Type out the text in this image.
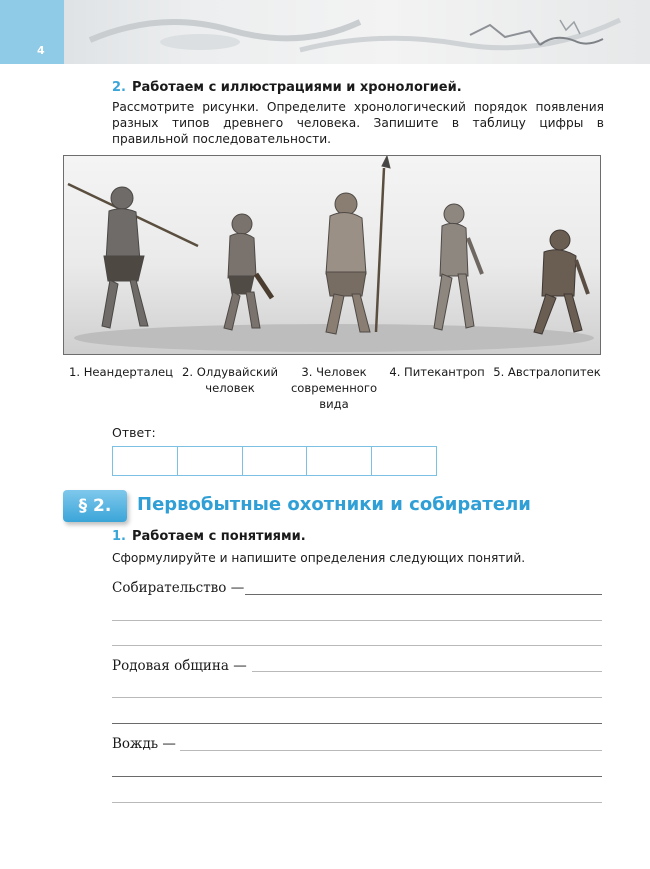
4
2. Работаем с иллюстрациями и хронологией.
Рассмотрите рисунки. Определите хронологический порядок появления разных типов древнего человека. Запишите в таблицу цифры в правильной последовательности.
1. Неандерталец 2. Олдувайский
человек
3. Человек
современного
вида
4. Питекантроп 5. Австралопитек
Ответ:
§ 2.	Первобытные охотники и собиратели
1. Работаем с понятиями.
Сформулируйте и напишите определения следующих понятий.
Собирательство —
Родовая община —
Вождь —
